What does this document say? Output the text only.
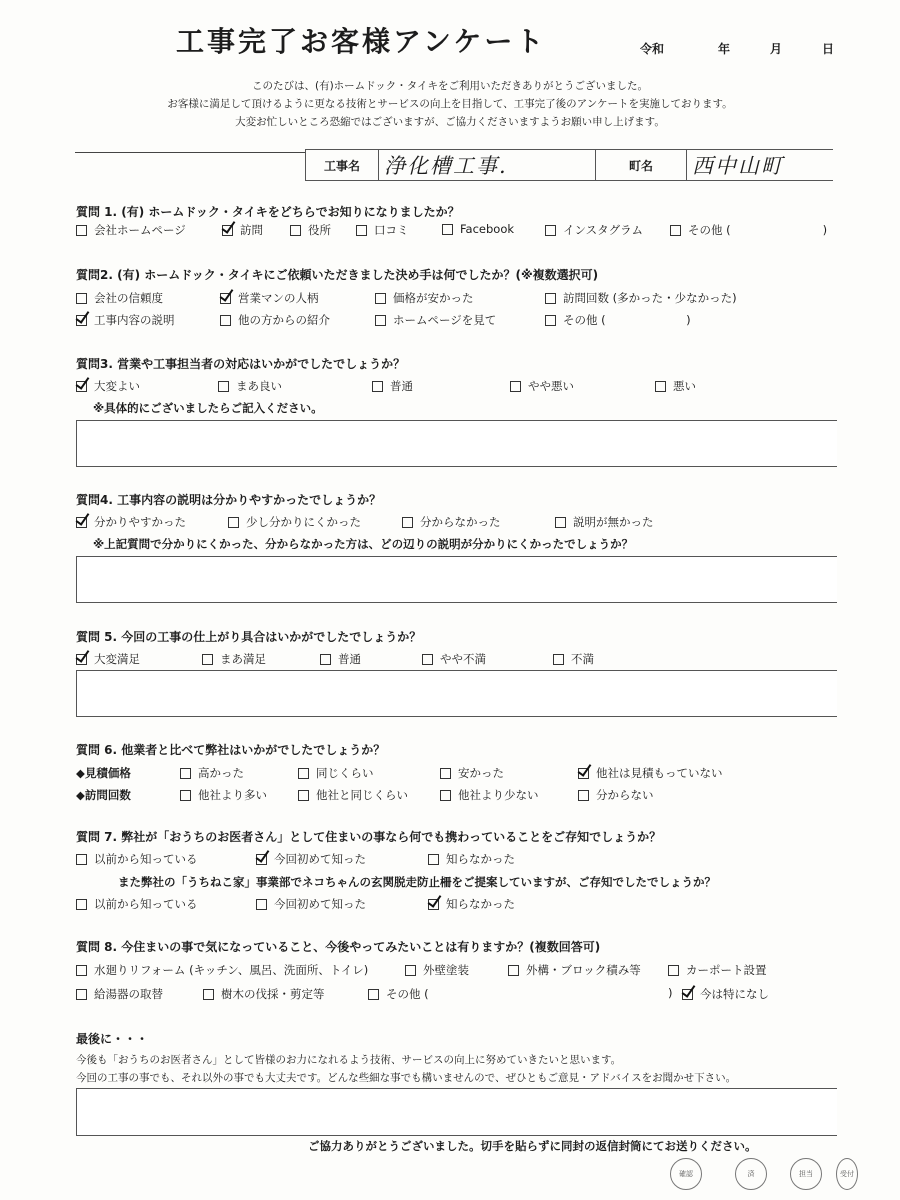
工事完了お客様アンケート	令和	年	月	日
このたびは、(有)ホームドック・タイキをご利用いただきありがとうございました。
お客様に満足して頂けるように更なる技術とサービスの向上を目指して、工事完了後のアンケートを実施しております。
大変お忙しいところ恐縮ではございますが、ご協力くださいますようお願い申し上げます。
工事名	浄化槽工事.	町名	西中山町
質問 1. (有) ホームドック・タイキをどちらでお知りになりましたか？
会社ホームページ	訪問	役所	口コミ	Facebook	インスタグラム	その他 (　　　　　　　　)
質問2. (有) ホームドック・タイキにご依頼いただきました決め手は何でしたか？(※複数選択可)
会社の信頼度	営業マンの人柄	価格が安かった	訪問回数 (多かった・少なかった)
工事内容の説明	他の方からの紹介	ホームページを見て	その他 (　　　　　　　)
質問3. 営業や工事担当者の対応はいかがでしたでしょうか？
大変よい	まあ良い	普通	やや悪い	悪い
※具体的にございましたらご記入ください。
質問4. 工事内容の説明は分かりやすかったでしょうか？
分かりやすかった	少し分かりにくかった	分からなかった	説明が無かった
※上記質問で分かりにくかった、分からなかった方は、どの辺りの説明が分かりにくかったでしょうか？
質問 5. 今回の工事の仕上がり具合はいかがでしたでしょうか？
大変満足	まあ満足	普通	やや不満	不満
質問 6. 他業者と比べて弊社はいかがでしたでしょうか？
◆見積価格	高かった	同じくらい	安かった	他社は見積もっていない
◆訪問回数	他社より多い	他社と同じくらい	他社より少ない	分からない
質問 7. 弊社が「おうちのお医者さん」として住まいの事なら何でも携わっていることをご存知でしょうか？
以前から知っている	今回初めて知った	知らなかった
また弊社の「うちねこ家」事業部でネコちゃんの玄関脱走防止柵をご提案していますが、ご存知でしたでしょうか？
以前から知っている	今回初めて知った	知らなかった
質問 8. 今住まいの事で気になっていること、今後やってみたいことは有りますか？(複数回答可)
水廻りリフォーム (キッチン、風呂、洗面所、トイレ)	外壁塗装	外構・ブロック積み等	カーポート設置
給湯器の取替	樹木の伐採・剪定等	その他 (	) 今は特になし
最後に・・・
今後も「おうちのお医者さん」として皆様のお力になれるよう技術、サービスの向上に努めていきたいと思います。
今回の工事の事でも、それ以外の事でも大丈夫です。どんな些細な事でも構いませんので、ぜひともご意見・アドバイスをお聞かせ下さい。
ご協力ありがとうございました。切手を貼らずに同封の返信封筒にてお送りください。
確認	済	担当	受付
